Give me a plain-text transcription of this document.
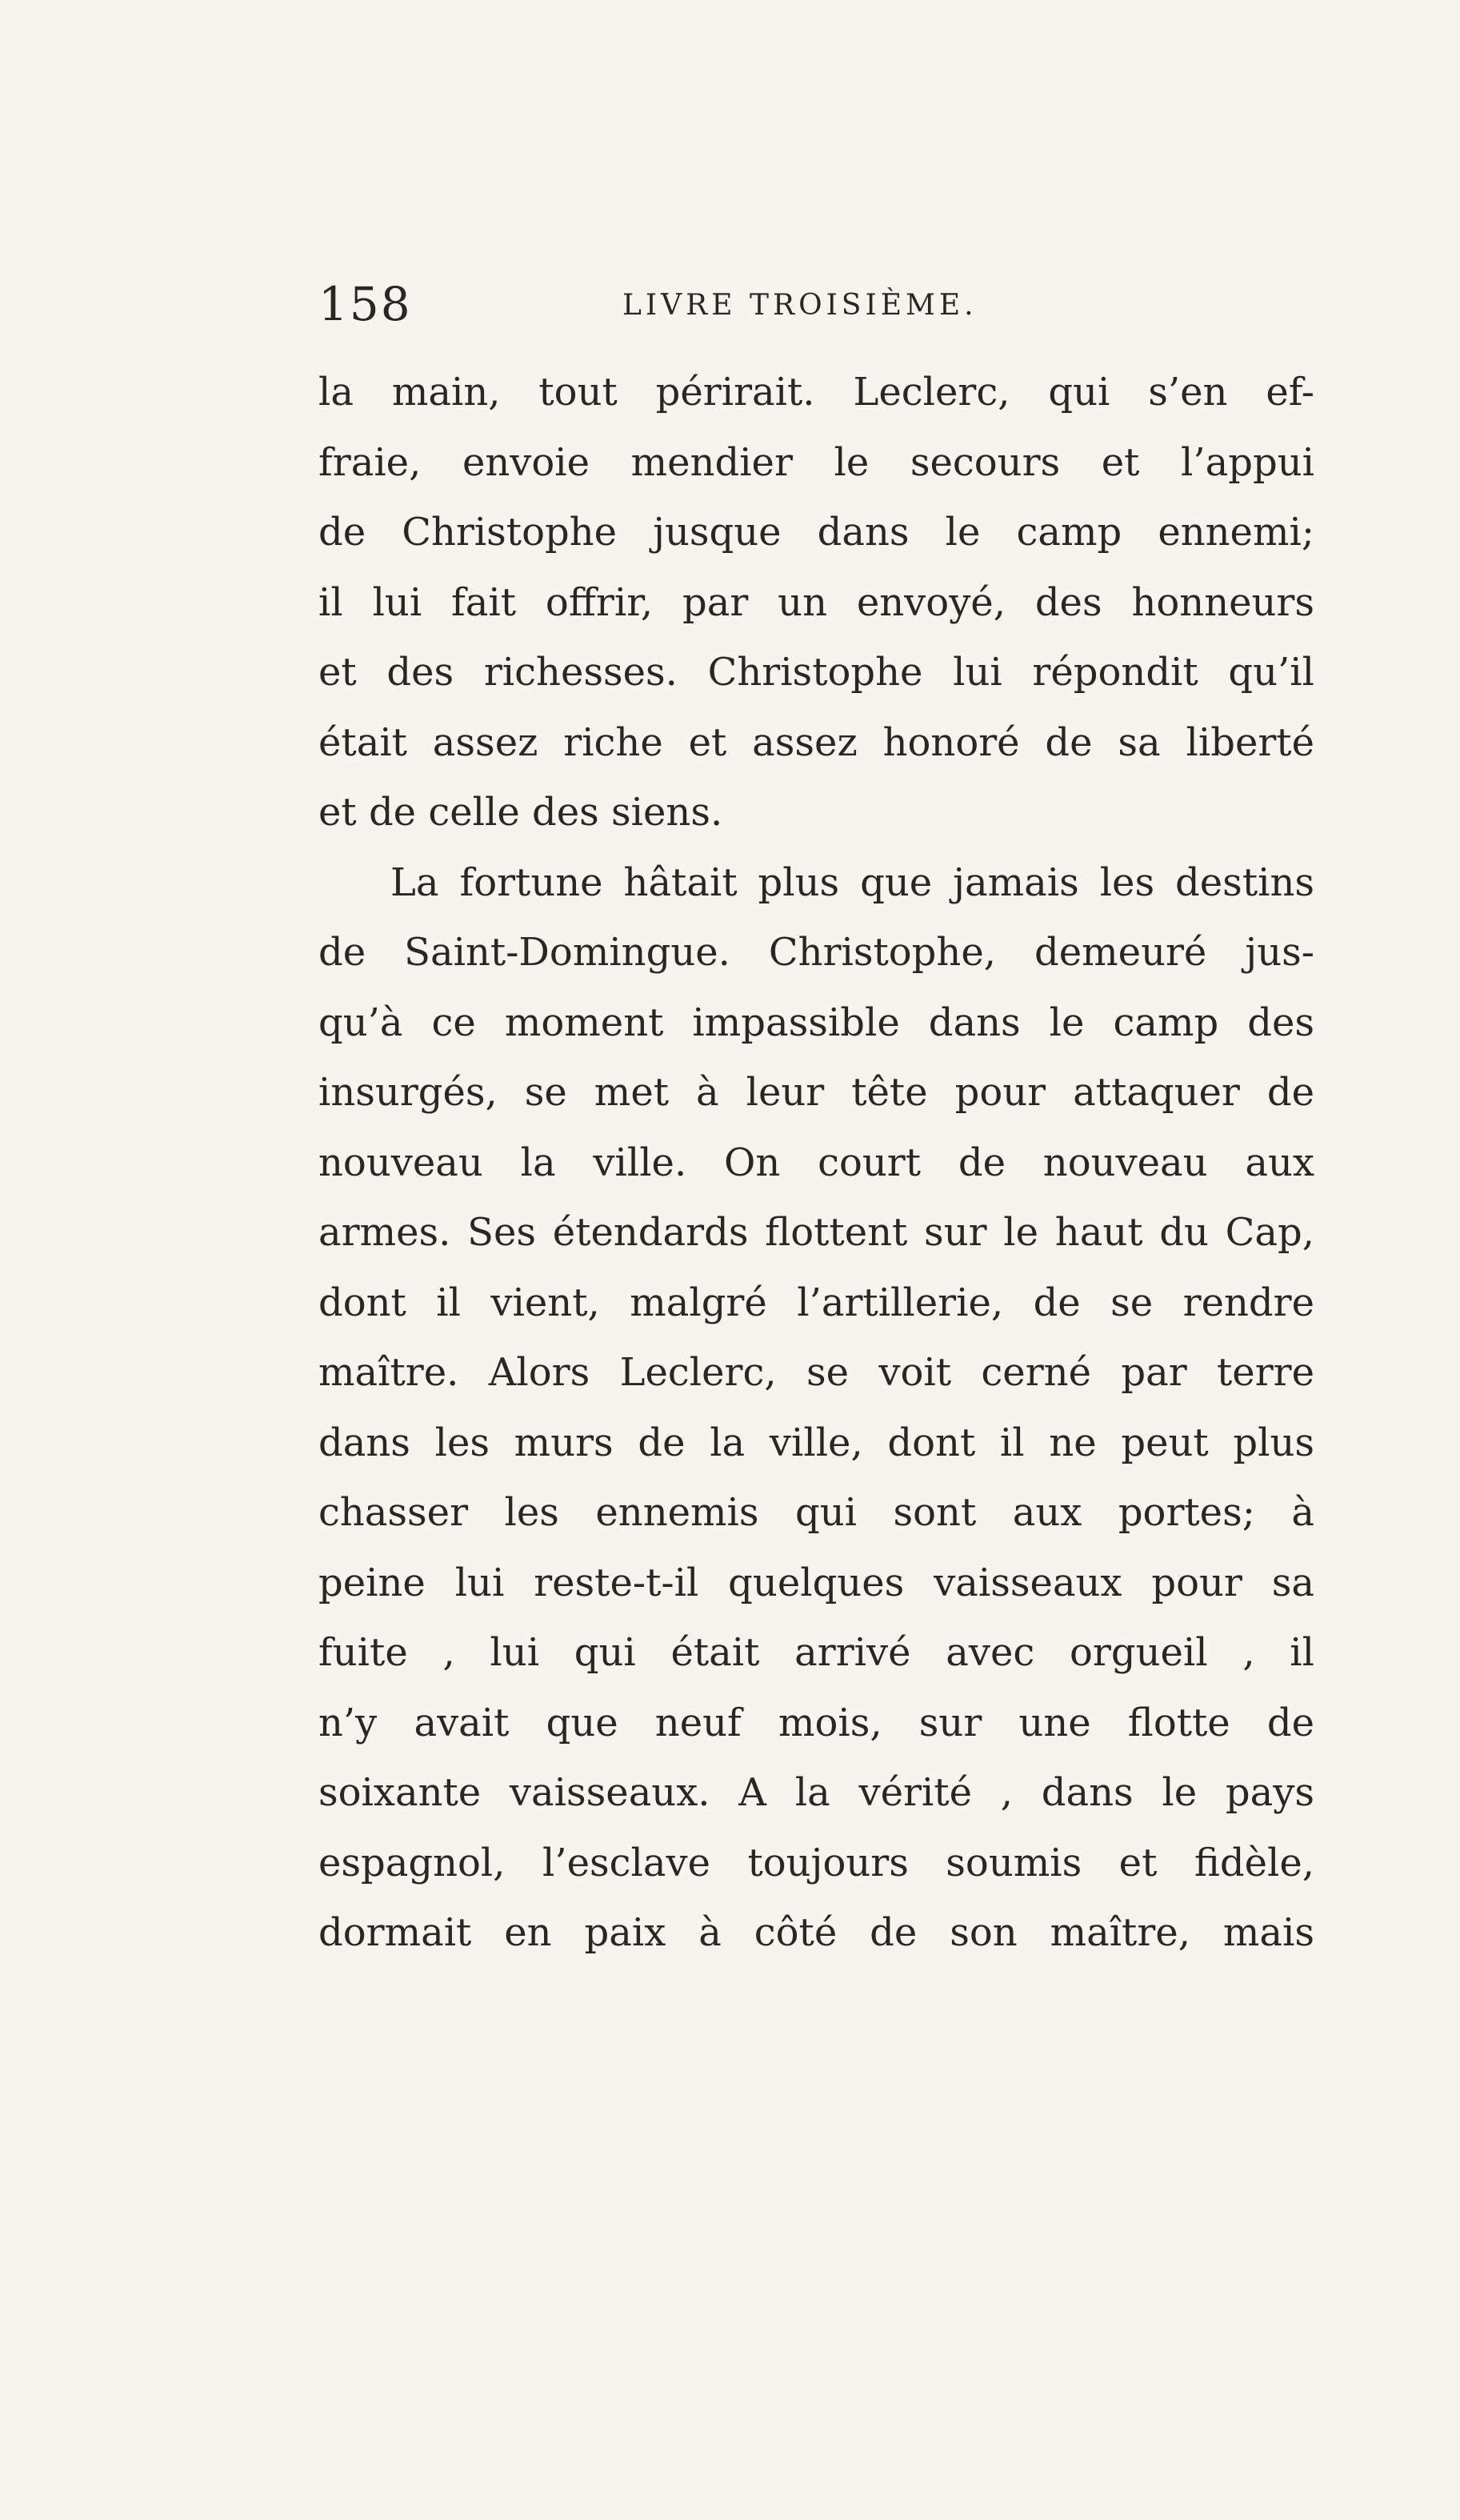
158	LIVRE TROISIÈME.
la main, tout périrait. Leclerc, qui s’en ef-
fraie, envoie mendier le secours et l’appui
de Christophe jusque dans le camp ennemi;
il lui fait offrir, par un envoyé, des honneurs
et des richesses. Christophe lui répondit qu’il
était assez riche et assez honoré de sa liberté
et de celle des siens.
La fortune hâtait plus que jamais les destins
de Saint-Domingue. Christophe, demeuré jus-
qu’à ce moment impassible dans le camp des
insurgés, se met à leur tête pour attaquer de
nouveau la ville. On court de nouveau aux
armes. Ses étendards flottent sur le haut du Cap,
dont il vient, malgré l’artillerie, de se rendre
maître. Alors Leclerc, se voit cerné par terre
dans les murs de la ville, dont il ne peut plus
chasser les ennemis qui sont aux portes; à
peine lui reste-t-il quelques vaisseaux pour sa
fuite , lui qui était arrivé avec orgueil , il
n’y avait que neuf mois, sur une flotte de
soixante vaisseaux. A la vérité , dans le pays
espagnol, l’esclave toujours soumis et fidèle,
dormait en paix à côté de son maître, mais
